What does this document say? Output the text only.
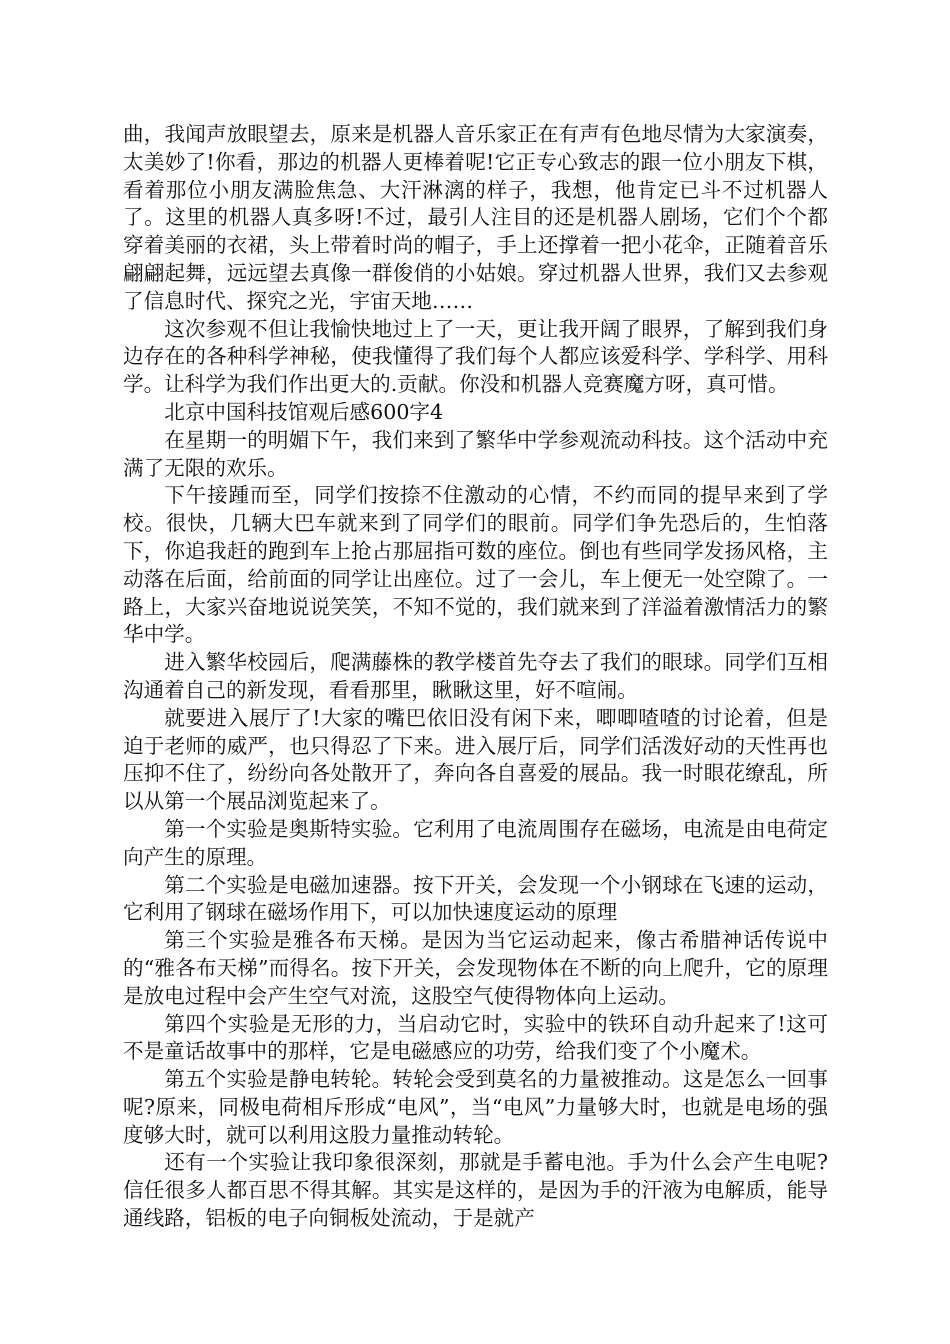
曲，我闻声放眼望去，原来是机器人音乐家正在有声有色地尽情为大家演奏，太美妙了!你看，那边的机器人更棒着呢!它正专心致志的跟一位小朋友下棋，看着那位小朋友满脸焦急、大汗淋漓的样子，我想，他肯定已斗不过机器人了。这里的机器人真多呀!不过，最引人注目的还是机器人剧场，它们个个都穿着美丽的衣裙，头上带着时尚的帽子，手上还撑着一把小花伞，正随着音乐翩翩起舞，远远望去真像一群俊俏的小姑娘。穿过机器人世界，我们又去参观了信息时代、探究之光，宇宙天地……

这次参观不但让我愉快地过上了一天，更让我开阔了眼界，了解到我们身边存在的各种科学神秘，使我懂得了我们每个人都应该爱科学、学科学、用科学。让科学为我们作出更大的.贡献。你没和机器人竞赛魔方呀，真可惜。

北京中国科技馆观后感600字4

在星期一的明媚下午，我们来到了繁华中学参观流动科技。这个活动中充满了无限的欢乐。

下午接踵而至，同学们按捺不住激动的心情，不约而同的提早来到了学校。很快，几辆大巴车就来到了同学们的眼前。同学们争先恐后的，生怕落下，你追我赶的跑到车上抢占那屈指可数的座位。倒也有些同学发扬风格，主动落在后面，给前面的同学让出座位。过了一会儿，车上便无一处空隙了。一路上，大家兴奋地说说笑笑，不知不觉的，我们就来到了洋溢着激情活力的繁华中学。

进入繁华校园后，爬满藤株的教学楼首先夺去了我们的眼球。同学们互相沟通着自己的新发现，看看那里，瞅瞅这里，好不喧闹。

就要进入展厅了!大家的嘴巴依旧没有闲下来，唧唧喳喳的讨论着，但是迫于老师的威严，也只得忍了下来。进入展厅后，同学们活泼好动的天性再也压抑不住了，纷纷向各处散开了，奔向各自喜爱的展品。我一时眼花缭乱，所以从第一个展品浏览起来了。

第一个实验是奥斯特实验。它利用了电流周围存在磁场，电流是由电荷定向产生的原理。

第二个实验是电磁加速器。按下开关，会发现一个小钢球在飞速的运动，它利用了钢球在磁场作用下，可以加快速度运动的原理

第三个实验是雅各布天梯。是因为当它运动起来，像古希腊神话传说中的“雅各布天梯”而得名。按下开关，会发现物体在不断的向上爬升，它的原理是放电过程中会产生空气对流，这股空气使得物体向上运动。

第四个实验是无形的力，当启动它时，实验中的铁环自动升起来了!这可不是童话故事中的那样，它是电磁感应的功劳，给我们变了个小魔术。

第五个实验是静电转轮。转轮会受到莫名的力量被推动。这是怎么一回事呢?原来，同极电荷相斥形成“电风”，当“电风”力量够大时，也就是电场的强度够大时，就可以利用这股力量推动转轮。

还有一个实验让我印象很深刻，那就是手蓄电池。手为什么会产生电呢?信任很多人都百思不得其解。其实是这样的，是因为手的汗液为电解质，能导通线路，铝板的电子向铜板处流动，于是就产
